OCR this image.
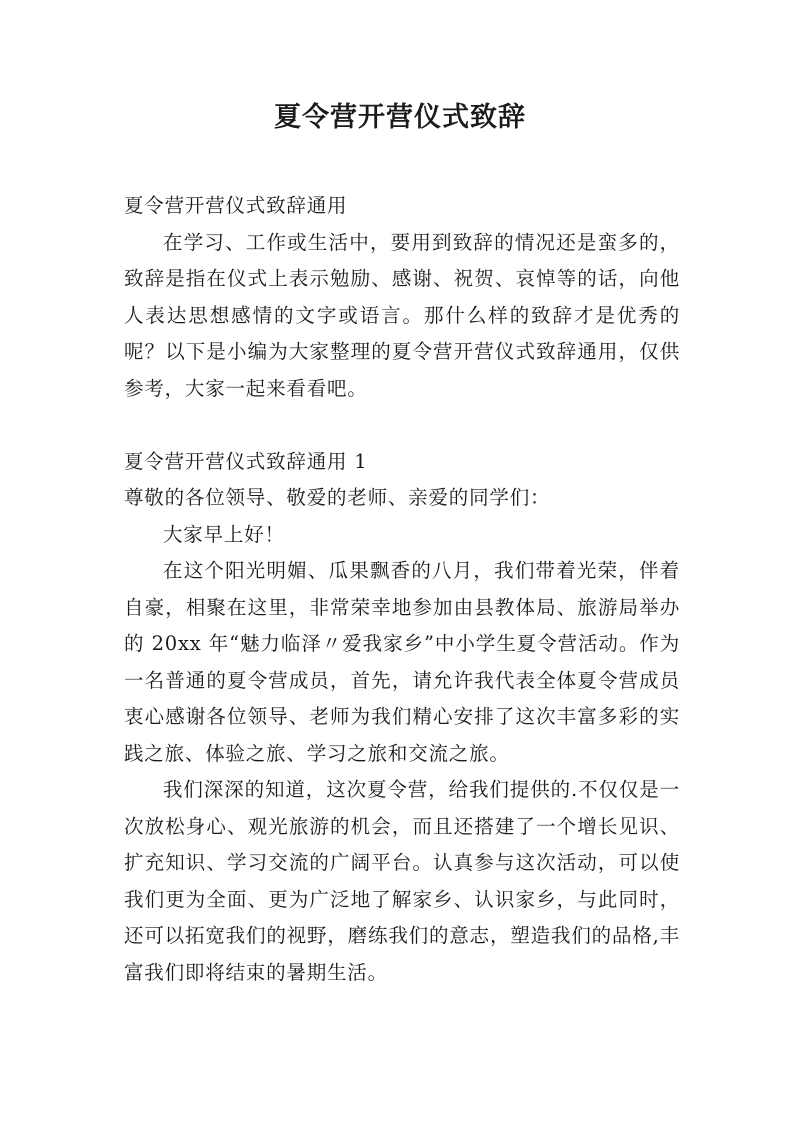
夏令营开营仪式致辞

夏令营开营仪式致辞通用

在学习、工作或生活中，要用到致辞的情况还是蛮多的，致辞是指在仪式上表示勉励、感谢、祝贺、哀悼等的话，向他人表达思想感情的文字或语言。那什么样的致辞才是优秀的呢？以下是小编为大家整理的夏令营开营仪式致辞通用，仅供参考，大家一起来看看吧。

夏令营开营仪式致辞通用 1

尊敬的各位领导、敬爱的老师、亲爱的同学们：

大家早上好！

在这个阳光明媚、瓜果飘香的八月，我们带着光荣，伴着自豪，相聚在这里，非常荣幸地参加由县教体局、旅游局举办的 20xx 年“魅力临泽〃爱我家乡”中小学生夏令营活动。作为一名普通的夏令营成员，首先，请允许我代表全体夏令营成员衷心感谢各位领导、老师为我们精心安排了这次丰富多彩的实践之旅、体验之旅、学习之旅和交流之旅。

我们深深的知道，这次夏令营，给我们提供的.不仅仅是一次放松身心、观光旅游的机会，而且还搭建了一个增长见识、扩充知识、学习交流的广阔平台。认真参与这次活动，可以使我们更为全面、更为广泛地了解家乡、认识家乡，与此同时，还可以拓宽我们的视野，磨练我们的意志，塑造我们的品格,丰富我们即将结束的暑期生活。
